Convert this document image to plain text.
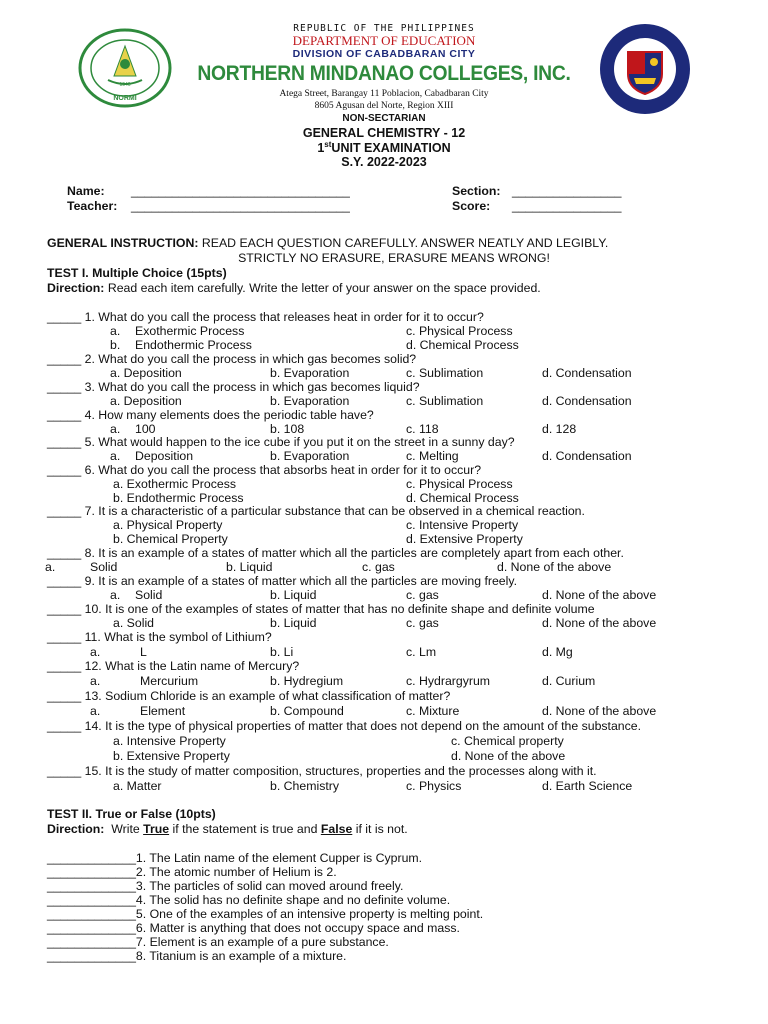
1946
NORMI
REPUBLIC OF THE PHILIPPINES
DEPARTMENT OF EDUCATION
DIVISION OF CABADBARAN CITY
NORTHERN MINDANAO COLLEGES, INC.
Atega Street, Barangay 11 Poblacion, Cabadbaran City
8605 Agusan del Norte, Region XIII
NON-SECTARIAN
GENERAL CHEMISTRY - 12
1stUNIT EXAMINATION
S.Y. 2022-2023
Name: ________________________________
Teacher: ________________________________
Section: ________________
Score: ________________
GENERAL INSTRUCTION: READ EACH QUESTION CAREFULLY. ANSWER NEATLY AND LEGIBLY.
STRICTLY NO ERASURE, ERASURE MEANS WRONG!
TEST I. Multiple Choice (15pts)
Direction: Read each item carefully. Write the letter of your answer on the space provided.
_____ 1. What do you call the process that releases heat in order for it to occur?
a. Exothermic Process	c. Physical Process
b. Endothermic Process	d. Chemical Process
_____ 2. What do you call the process in which gas becomes solid?
a. Deposition	b. Evaporation	c. Sublimation	d. Condensation
_____ 3. What do you call the process in which gas becomes liquid?
a. Deposition	b. Evaporation	c. Sublimation	d. Condensation
_____ 4. How many elements does the periodic table have?
a. 100	b. 108	c. 118	d. 128
_____ 5. What would happen to the ice cube if you put it on the street in a sunny day?
a. Deposition	b. Evaporation	c. Melting	d. Condensation
_____ 6. What do you call the process that absorbs heat in order for it to occur?
a. Exothermic Process	c. Physical Process
b. Endothermic Process	d. Chemical Process
_____ 7. It is a characteristic of a particular substance that can be observed in a chemical reaction.
a. Physical Property	c. Intensive Property
b. Chemical Property	d. Extensive Property
_____ 8. It is an example of a states of matter which all the particles are completely apart from each other.
a.	Solid	b. Liquid	c. gas	d. None of the above
_____ 9. It is an example of a states of matter which all the particles are moving freely.
a. Solid	b. Liquid	c. gas	d. None of the above
_____ 10. It is one of the examples of states of matter that has no definite shape and definite volume
a. Solid	b. Liquid	c. gas	d. None of the above
_____ 11. What is the symbol of Lithium?
a.	L	b. Li	c. Lm	d. Mg
_____ 12. What is the Latin name of Mercury?
a.	Mercurium	b. Hydregium	c. Hydrargyrum	d. Curium
_____ 13. Sodium Chloride is an example of what classification of matter?
a.	Element	b. Compound	c. Mixture	d. None of the above
_____ 14. It is the type of physical properties of matter that does not depend on the amount of the substance.
a. Intensive Property	c. Chemical property
b. Extensive Property	d. None of the above
_____ 15. It is the study of matter composition, structures, properties and the processes along with it.
a. Matter	b. Chemistry	c. Physics	d. Earth Science
TEST II. True or False (10pts)
Direction: Write True if the statement is true and False if it is not.
_____________1. The Latin name of the element Cupper is Cyprum.
_____________2. The atomic number of Helium is 2.
_____________3. The particles of solid can moved around freely.
_____________4. The solid has no definite shape and no definite volume.
_____________5. One of the examples of an intensive property is melting point.
_____________6. Matter is anything that does not occupy space and mass.
_____________7. Element is an example of a pure substance.
_____________8. Titanium is an example of a mixture.
